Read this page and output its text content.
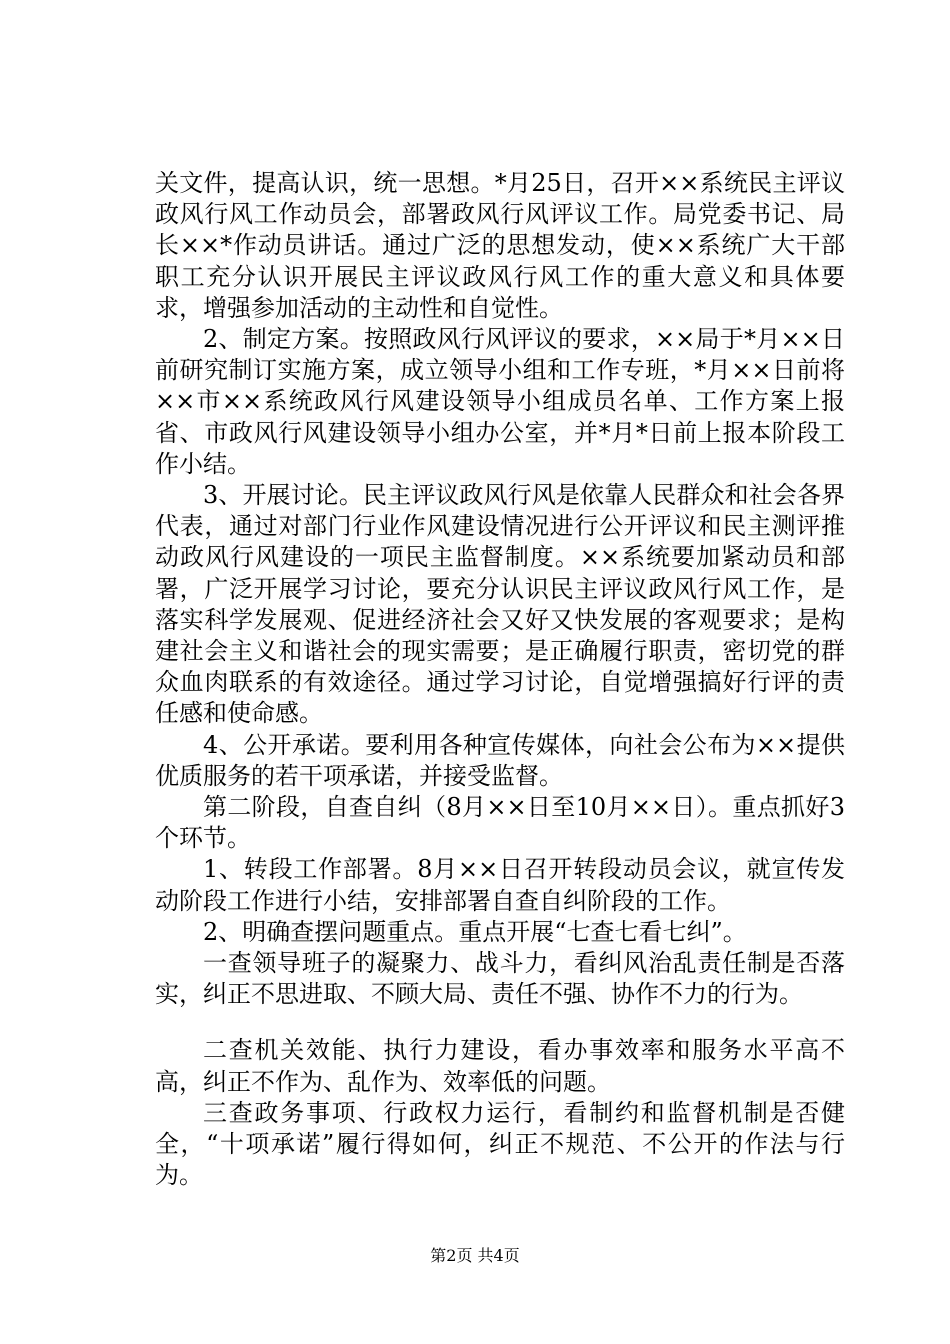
关文件，提高认识，统一思想。*月25日，召开××系统民主评议政风行风工作动员会，部署政风行风评议工作。局党委书记、局长××*作动员讲话。通过广泛的思想发动，使××系统广大干部职工充分认识开展民主评议政风行风工作的重大意义和具体要求，增强参加活动的主动性和自觉性。

2、制定方案。按照政风行风评议的要求，××局于*月××日前研究制订实施方案，成立领导小组和工作专班，*月××日前将××市××系统政风行风建设领导小组成员名单、工作方案上报省、市政风行风建设领导小组办公室，并*月*日前上报本阶段工作小结。

3、开展讨论。民主评议政风行风是依靠人民群众和社会各界代表，通过对部门行业作风建设情况进行公开评议和民主测评推动政风行风建设的一项民主监督制度。××系统要加紧动员和部署，广泛开展学习讨论，要充分认识民主评议政风行风工作，是落实科学发展观、促进经济社会又好又快发展的客观要求；是构建社会主义和谐社会的现实需要；是正确履行职责，密切党的群众血肉联系的有效途径。通过学习讨论，自觉增强搞好行评的责任感和使命感。

4、公开承诺。要利用各种宣传媒体，向社会公布为××提供优质服务的若干项承诺，并接受监督。

第二阶段，自查自纠（8月××日至10月××日）。重点抓好3个环节。

1、转段工作部署。8月××日召开转段动员会议，就宣传发动阶段工作进行小结，安排部署自查自纠阶段的工作。

2、明确查摆问题重点。重点开展“七查七看七纠”。

一查领导班子的凝聚力、战斗力，看纠风治乱责任制是否落实，纠正不思进取、不顾大局、责任不强、协作不力的行为。

二查机关效能、执行力建设，看办事效率和服务水平高不高，纠正不作为、乱作为、效率低的问题。

三查政务事项、行政权力运行，看制约和监督机制是否健全，“十项承诺”履行得如何，纠正不规范、不公开的作法与行为。

第2页 共4页
